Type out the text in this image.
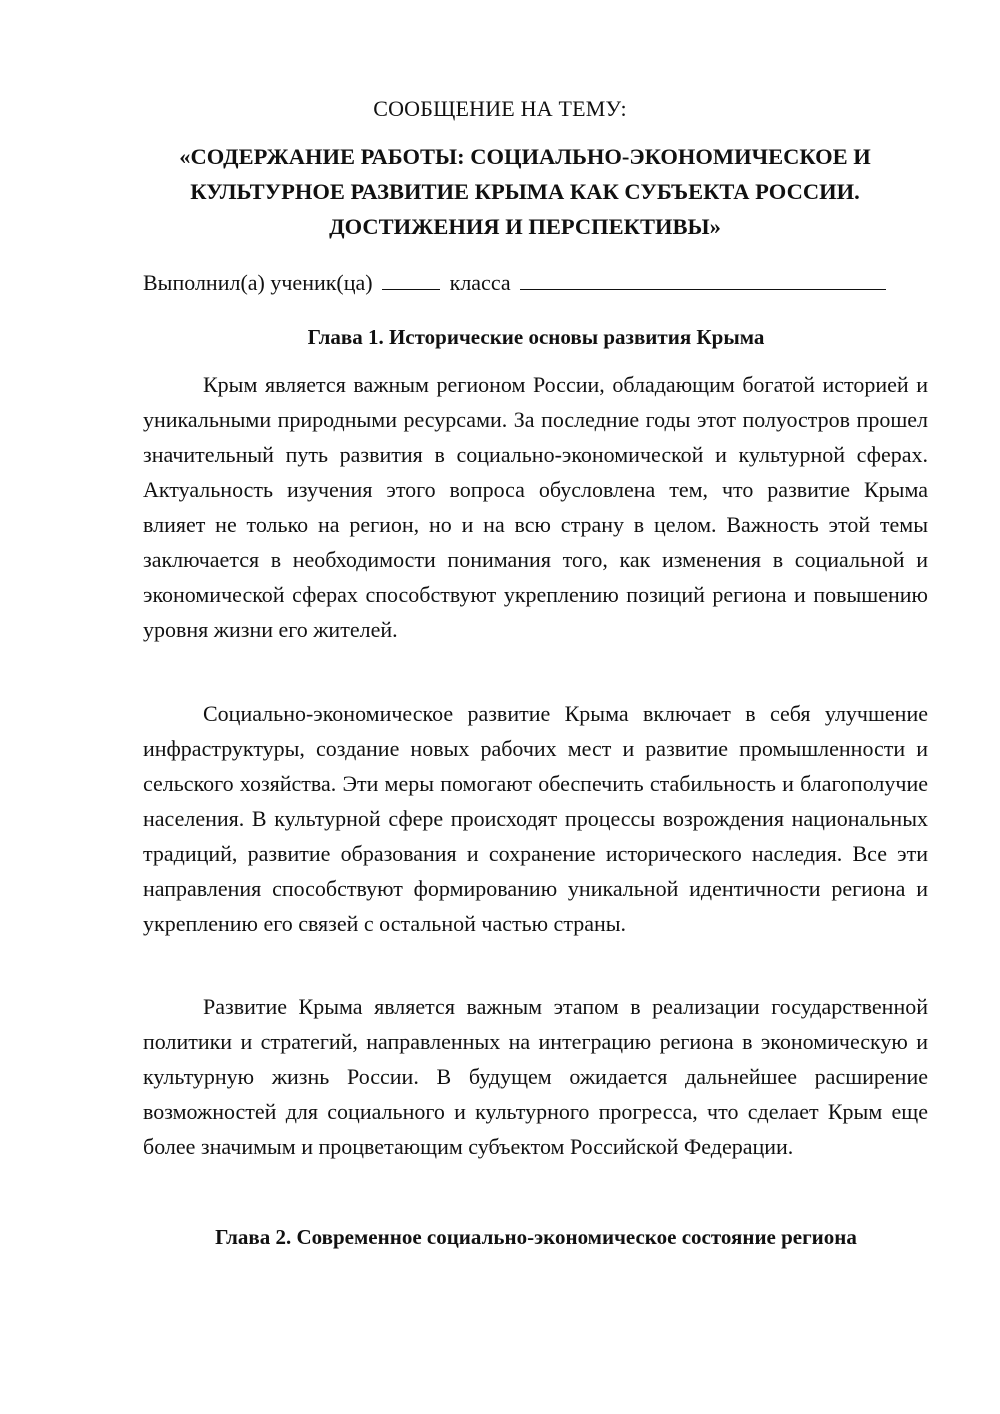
СООБЩЕНИЕ НА ТЕМУ:
«СОДЕРЖАНИЕ РАБОТЫ: СОЦИАЛЬНО-ЭКОНОМИЧЕСКОЕ И КУЛЬТУРНОЕ РАЗВИТИЕ КРЫМА КАК СУБЪЕКТА РОССИИ. ДОСТИЖЕНИЯ И ПЕРСПЕКТИВЫ»
Выполнил(а) ученик(ца)	класса
Глава 1. Исторические основы развития Крыма

Крым является важным регионом России, обладающим богатой историей и уникальными природными ресурсами. За последние годы этот полуостров прошел значительный путь развития в социально-экономической и культурной сферах. Актуальность изучения этого вопроса обусловлена тем, что развитие Крыма влияет не только на регион, но и на всю страну в целом. Важность этой темы заключается в необходимости понимания того, как изменения в социальной и экономической сферах способствуют укреплению позиций региона и повышению уровня жизни его жителей.

Социально-экономическое развитие Крыма включает в себя улучшение инфраструктуры, создание новых рабочих мест и развитие промышленности и сельского хозяйства. Эти меры помогают обеспечить стабильность и благополучие населения. В культурной сфере происходят процессы возрождения национальных традиций, развитие образования и сохранение исторического наследия. Все эти направления способствуют формированию уникальной идентичности региона и укреплению его связей с остальной частью страны.

Развитие Крыма является важным этапом в реализации государственной политики и стратегий, направленных на интеграцию региона в экономическую и культурную жизнь России. В будущем ожидается дальнейшее расширение возможностей для социального и культурного прогресса, что сделает Крым еще более значимым и процветающим субъектом Российской Федерации.

Глава 2. Современное социально-экономическое состояние региона
